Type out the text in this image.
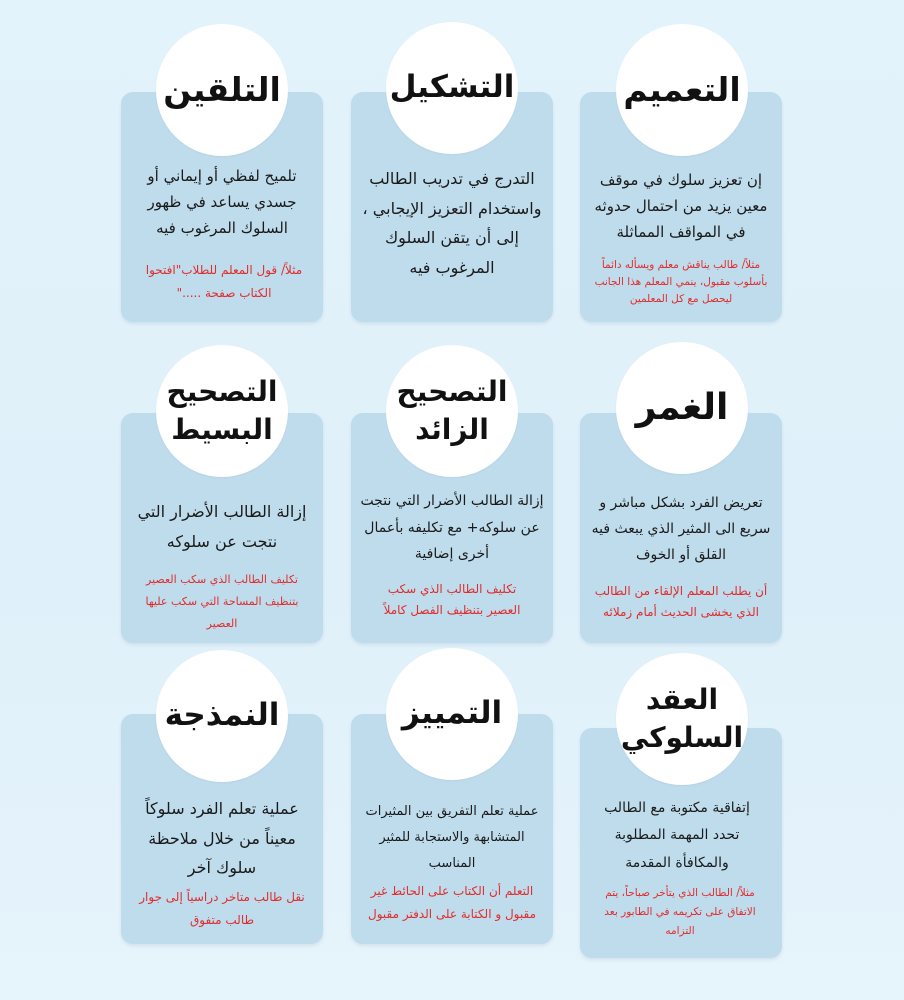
التعميم
إن تعزيز سلوك في موقف معين يزيد من احتمال حدوثه في المواقف المماثلة
مثلاً/ طالب يناقش معلم ويسأله دائماً بأسلوب مقبول، ينمي المعلم هذا الجانب ليحصل مع كل المعلمين
التشكيل
التدرج في تدريب الطالب واستخدام التعزيز الإيجابي ، إلى أن يتقن السلوك المرغوب فيه
التلقين
تلميح لفظي أو إيماني أو جسدي يساعد في ظهور السلوك المرغوب فيه
مثلاً/ قول المعلم للطلاب"افتحوا الكتاب صفحة ....."
الغمر
تعريض الفرد بشكل مباشر و سريع الى المثير الذي يبعث فيه القلق أو الخوف
أن يطلب المعلم الإلقاء من الطالب الذي يخشى الحديث أمام زملائه
التصحيح الزائد
إزالة الطالب الأضرار التي نتجت عن سلوكه+ مع تكليفه بأعمال أخرى إضافية
تكليف الطالب الذي سكب العصير بتنظيف الفصل كاملاً
التصحيح البسيط
إزالة الطالب الأضرار التي نتجت عن سلوكه
تكليف الطالب الذي سكب العصير بتنظيف المساحة التي سكب عليها العصير
العقد السلوكي
إتفاقية مكتوبة مع الطالب تحدد المهمة المطلوبة والمكافأة المقدمة
مثلاً/ الطالب الذي يتأخر صباحاً، يتم الاتفاق على تكريمه في الطابور بعد التزامه
التمييز
عملية تعلم التفريق بين المثيرات المتشابهة والاستجابة للمثير المناسب
التعلم أن الكتاب على الحائط غير مقبول و الكتابة على الدفتر مقبول
النمذجة
عملية تعلم الفرد سلوكاً معيناً من خلال ملاحظة سلوك آخر
نقل طالب متاخر دراسياً إلى جوار طالب متفوق
